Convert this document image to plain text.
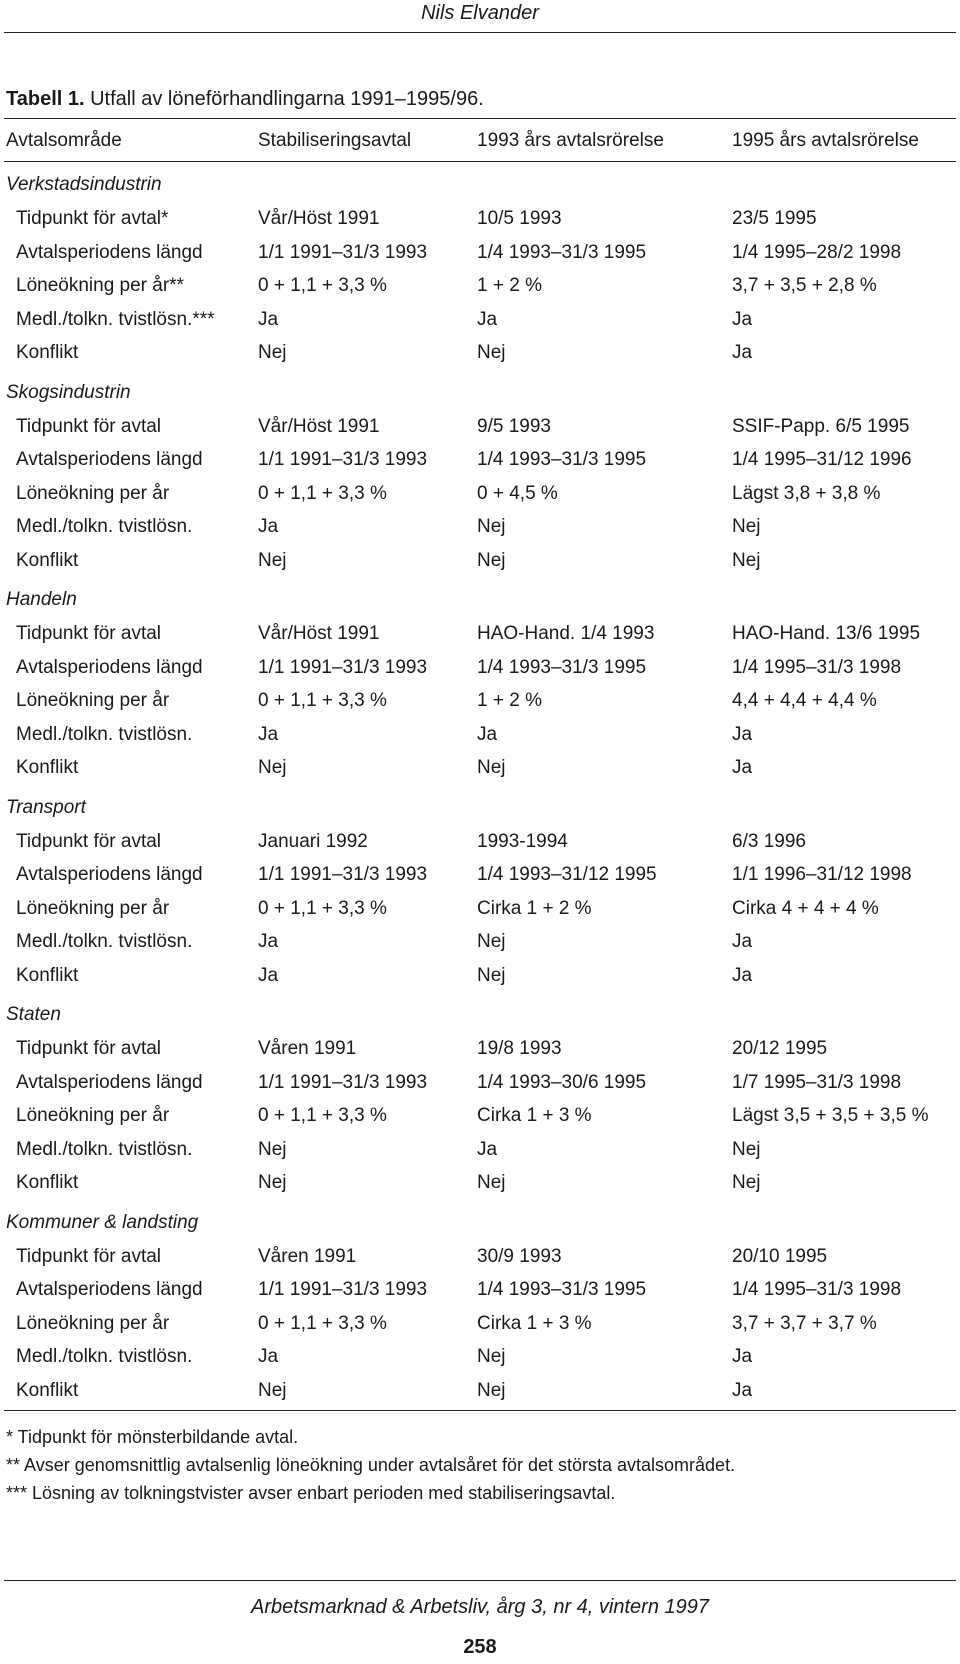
Nils Elvander
Tabell 1. Utfall av löneförhandlingarna 1991–1995/96.
Avtalsområde	Stabiliseringsavtal	1993 års avtalsrörelse	1995 års avtalsrörelse
Verkstadsindustrin
Tidpunkt för avtal*	Vår/Höst 1991	10/5 1993	23/5 1995
Avtalsperiodens längd	1/1 1991–31/3 1993	1/4 1993–31/3 1995	1/4 1995–28/2 1998
Löneökning per år**	0 + 1,1 + 3,3 %	1 + 2 %	3,7 + 3,5 + 2,8 %
Medl./tolkn. tvistlösn.*** Ja	Ja	Ja
Konflikt	Nej	Nej	Ja
Skogsindustrin
Tidpunkt för avtal	Vår/Höst 1991	9/5 1993	SSIF-Papp. 6/5 1995
Avtalsperiodens längd	1/1 1991–31/3 1993	1/4 1993–31/3 1995	1/4 1995–31/12 1996
Löneökning per år	0 + 1,1 + 3,3 %	0 + 4,5 %	Lägst 3,8 + 3,8 %
Medl./tolkn. tvistlösn.	Ja	Nej	Nej
Konflikt	Nej	Nej	Nej
Handeln
Tidpunkt för avtal	Vår/Höst 1991	HAO-Hand. 1/4 1993	HAO-Hand. 13/6 1995
Avtalsperiodens längd	1/1 1991–31/3 1993	1/4 1993–31/3 1995	1/4 1995–31/3 1998
Löneökning per år	0 + 1,1 + 3,3 %	1 + 2 %	4,4 + 4,4 + 4,4 %
Medl./tolkn. tvistlösn.	Ja	Ja	Ja
Konflikt	Nej	Nej	Ja
Transport
Tidpunkt för avtal	Januari 1992	1993-1994	6/3 1996
Avtalsperiodens längd	1/1 1991–31/3 1993	1/4 1993–31/12 1995	1/1 1996–31/12 1998
Löneökning per år	0 + 1,1 + 3,3 %	Cirka 1 + 2 %	Cirka 4 + 4 + 4 %
Medl./tolkn. tvistlösn.	Ja	Nej	Ja
Konflikt	Ja	Nej	Ja
Staten
Tidpunkt för avtal	Våren 1991	19/8 1993	20/12 1995
Avtalsperiodens längd	1/1 1991–31/3 1993	1/4 1993–30/6 1995	1/7 1995–31/3 1998
Löneökning per år	0 + 1,1 + 3,3 %	Cirka 1 + 3 %	Lägst 3,5 + 3,5 + 3,5 %
Medl./tolkn. tvistlösn.	Nej	Ja	Nej
Konflikt	Nej	Nej	Nej
Kommuner & landsting
Tidpunkt för avtal	Våren 1991	30/9 1993	20/10 1995
Avtalsperiodens längd	1/1 1991–31/3 1993	1/4 1993–31/3 1995	1/4 1995–31/3 1998
Löneökning per år	0 + 1,1 + 3,3 %	Cirka 1 + 3 %	3,7 + 3,7 + 3,7 %
Medl./tolkn. tvistlösn.	Ja	Nej	Ja
Konflikt	Nej	Nej	Ja
* Tidpunkt för mönsterbildande avtal.
** Avser genomsnittlig avtalsenlig löneökning under avtalsåret för det största avtalsområdet.
*** Lösning av tolkningstvister avser enbart perioden med stabiliseringsavtal.
Arbetsmarknad & Arbetsliv, årg 3, nr 4, vintern 1997
258
